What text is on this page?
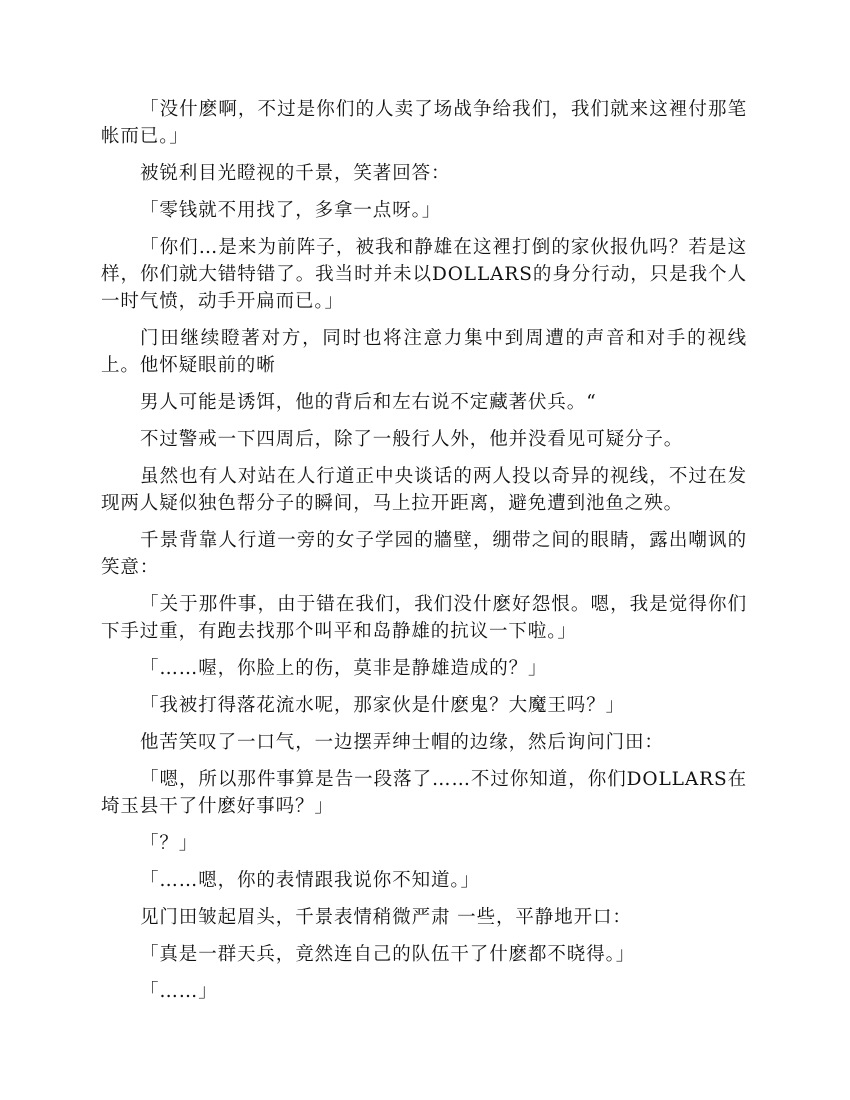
「没什麽啊，不过是你们的人卖了场战争给我们，我们就来这裡付那笔帐而已。」

被锐利目光瞪视的千景，笑著回答：

「零钱就不用找了，多拿一点呀。」

「你们…是来为前阵子，被我和静雄在这裡打倒的家伙报仇吗？若是这样，你们就大错特错了。我当时并未以DOLLARS的身分行动，只是我个人一时气愤，动手开扁而已。」

门田继续瞪著对方，同时也将注意力集中到周遭的声音和对手的视线上。他怀疑眼前的晰

男人可能是诱饵，他的背后和左右说不定藏著伏兵。“

不过警戒一下四周后，除了一般行人外，他并没看见可疑分子。

虽然也有人对站在人行道正中央谈话的两人投以奇异的视线，不过在发现两人疑似独色帮分子的瞬间，马上拉开距离，避免遭到池鱼之殃。

千景背靠人行道一旁的女子学园的牆壁，绷带之间的眼睛，露出嘲讽的笑意：

「关于那件事，由于错在我们，我们没什麽好怨恨。嗯，我是觉得你们下手过重，有跑去找那个叫平和岛静雄的抗议一下啦。」

「……喔，你脸上的伤，莫非是静雄造成的？」

「我被打得落花流水呢，那家伙是什麽鬼？大魔王吗？」

他苦笑叹了一口气，一边摆弄绅士帽的边缘，然后询问门田：

「嗯，所以那件事算是告一段落了……不过你知道，你们DOLLARS在埼玉县干了什麽好事吗？」

「？」

「……嗯，你的表情跟我说你不知道。」

见门田皱起眉头，千景表情稍微严肃 一些，平静地开口：

「真是一群天兵，竟然连自己的队伍干了什麽都不晓得。」

「……」
